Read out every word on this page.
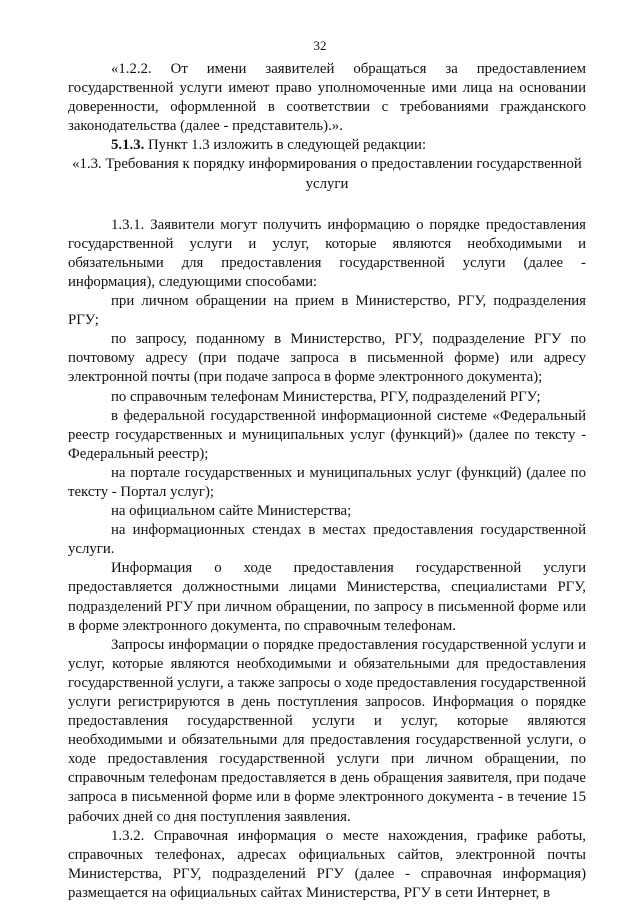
32

«1.2.2. От имени заявителей обращаться за предоставлением государственной услуги имеют право уполномоченные ими лица на основании доверенности, оформленной в соответствии с требованиями гражданского законодательства (далее - представитель).».

5.1.3. Пункт 1.3 изложить в следующей редакции:

«1.3. Требования к порядку информирования о предоставлении государственной услуги

1.3.1. Заявители могут получить информацию о порядке предоставления государственной услуги и услуг, которые являются необходимыми и обязательными для предоставления государственной услуги (далее - информация), следующими способами:

при личном обращении на прием в Министерство, РГУ, подразделения РГУ;

по запросу, поданному в Министерство, РГУ, подразделение РГУ по почтовому адресу (при подаче запроса в письменной форме) или адресу электронной почты (при подаче запроса в форме электронного документа);

по справочным телефонам Министерства, РГУ, подразделений РГУ;

в федеральной государственной информационной системе «Федеральный реестр государственных и муниципальных услуг (функций)» (далее по тексту - Федеральный реестр);

на портале государственных и муниципальных услуг (функций) (далее по тексту - Портал услуг);

на официальном сайте Министерства;

на информационных стендах в местах предоставления государственной услуги.

Информация о ходе предоставления государственной услуги предоставляется должностными лицами Министерства, специалистами РГУ, подразделений РГУ при личном обращении, по запросу в письменной форме или в форме электронного документа, по справочным телефонам.

Запросы информации о порядке предоставления государственной услуги и услуг, которые являются необходимыми и обязательными для предоставления государственной услуги, а также запросы о ходе предоставления государственной услуги регистрируются в день поступления запросов. Информация о порядке предоставления государственной услуги и услуг, которые являются необходимыми и обязательными для предоставления государственной услуги, о ходе предоставления государственной услуги при личном обращении, по справочным телефонам предоставляется в день обращения заявителя, при подаче запроса в письменной форме или в форме электронного документа - в течение 15 рабочих дней со дня поступления заявления.

1.3.2. Справочная информация о месте нахождения, графике работы, справочных телефонах, адресах официальных сайтов, электронной почты Министерства, РГУ, подразделений РГУ (далее - справочная информация) размещается на официальных сайтах Министерства, РГУ в сети Интернет, в
